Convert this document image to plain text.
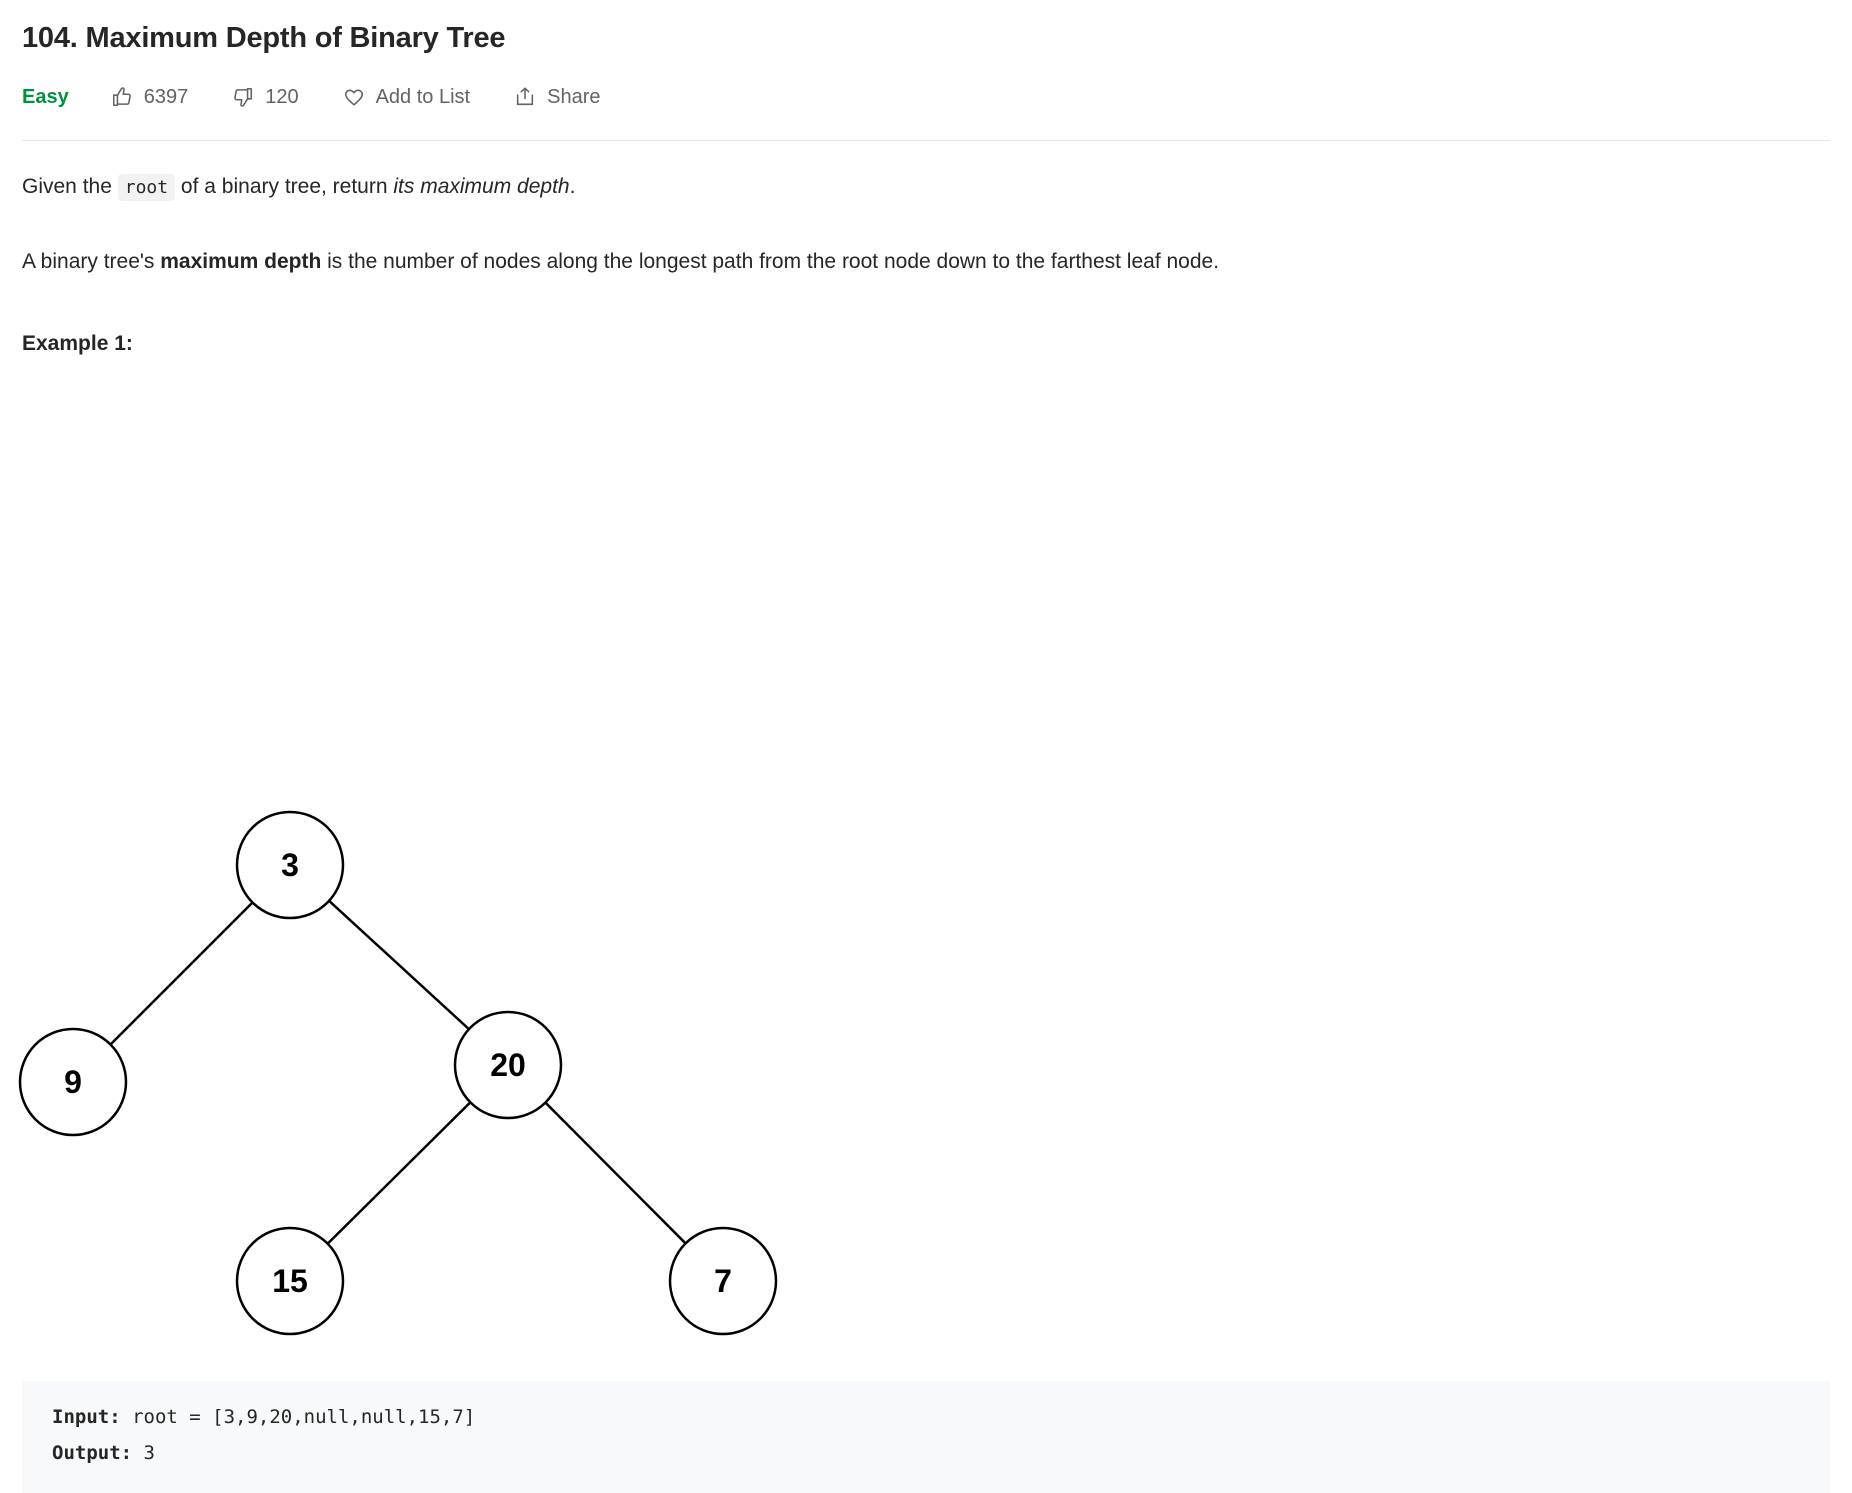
104. Maximum Depth of Binary Tree
Easy	6397	120	Add to List	Share

Given the root of a binary tree, return its maximum depth.

A binary tree's maximum depth is the number of nodes along the longest path from the root node down to the farthest leaf node.

Example 1:

3
9	20
15	7
Input: root = [3,9,20,null,null,15,7]
Output: 3
